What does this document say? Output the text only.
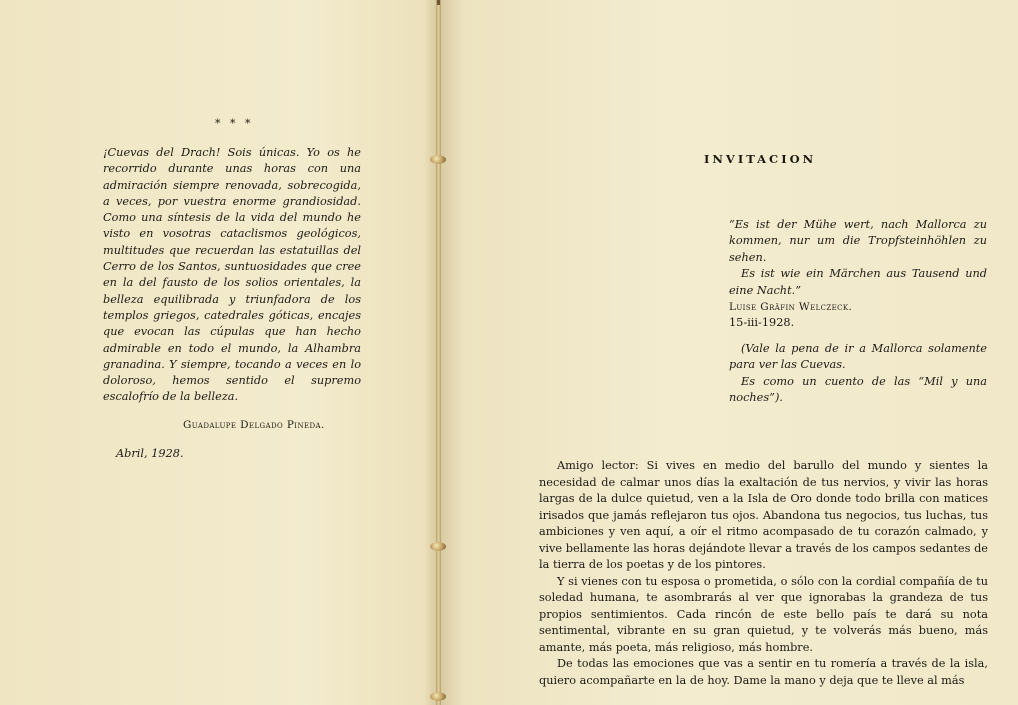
* * *
¡Cuevas del Drach! Sois únicas. Yo os he recorrido durante unas horas con una admiración siempre renovada, sobrecogida, a veces, por vuestra enorme grandiosidad. Como una síntesis de la vida del mundo he visto en vosotras cataclismos geológicos, multitudes que recuerdan las estatuillas del Cerro de los Santos, suntuosidades que cree en la del fausto de los solios orientales, la belleza equilibrada y triunfadora de los templos griegos, catedrales góticas, encajes que evocan las cúpulas que han hecho admirable en todo el mundo, la Alhambra granadina. Y siempre, tocando a veces en lo doloroso, hemos sentido el supremo escalofrío de la belleza.
Guadalupe Delgado Pineda.
Abril, 1928.
INVITACION

“Es ist der Mühe wert, nach Mallorca zu kommen, nur um die Tropfsteinhöhlen zu sehen.

Es ist wie ein Märchen aus Tausend und eine Nacht.”

Luise Gräfin Welczeck.

15-iii-1928.

(Vale la pena de ir a Mallorca solamente para ver las Cuevas.

Es como un cuento de las “Mil y una noches”).

Amigo lector: Si vives en medio del barullo del mundo y sientes la necesidad de calmar unos días la exaltación de tus nervios, y vivir las horas largas de la dulce quietud, ven a la Isla de Oro donde todo brilla con matices irisados que jamás reflejaron tus ojos. Abandona tus negocios, tus luchas, tus ambiciones y ven aquí, a oír el ritmo acompasado de tu corazón calmado, y vive bellamente las horas dejándote llevar a través de los campos sedantes de la tierra de los poetas y de los pintores.

Y si vienes con tu esposa o prometida, o sólo con la cordial compañía de tu soledad humana, te asombrarás al ver que ignorabas la grandeza de tus propios sentimientos. Cada rincón de este bello país te dará su nota sentimental, vibrante en su gran quietud, y te volverás más bueno, más amante, más poeta, más religioso, más hombre.

De todas las emociones que vas a sentir en tu romería a través de la isla, quiero acompañarte en la de hoy. Dame la mano y deja que te lleve al más
